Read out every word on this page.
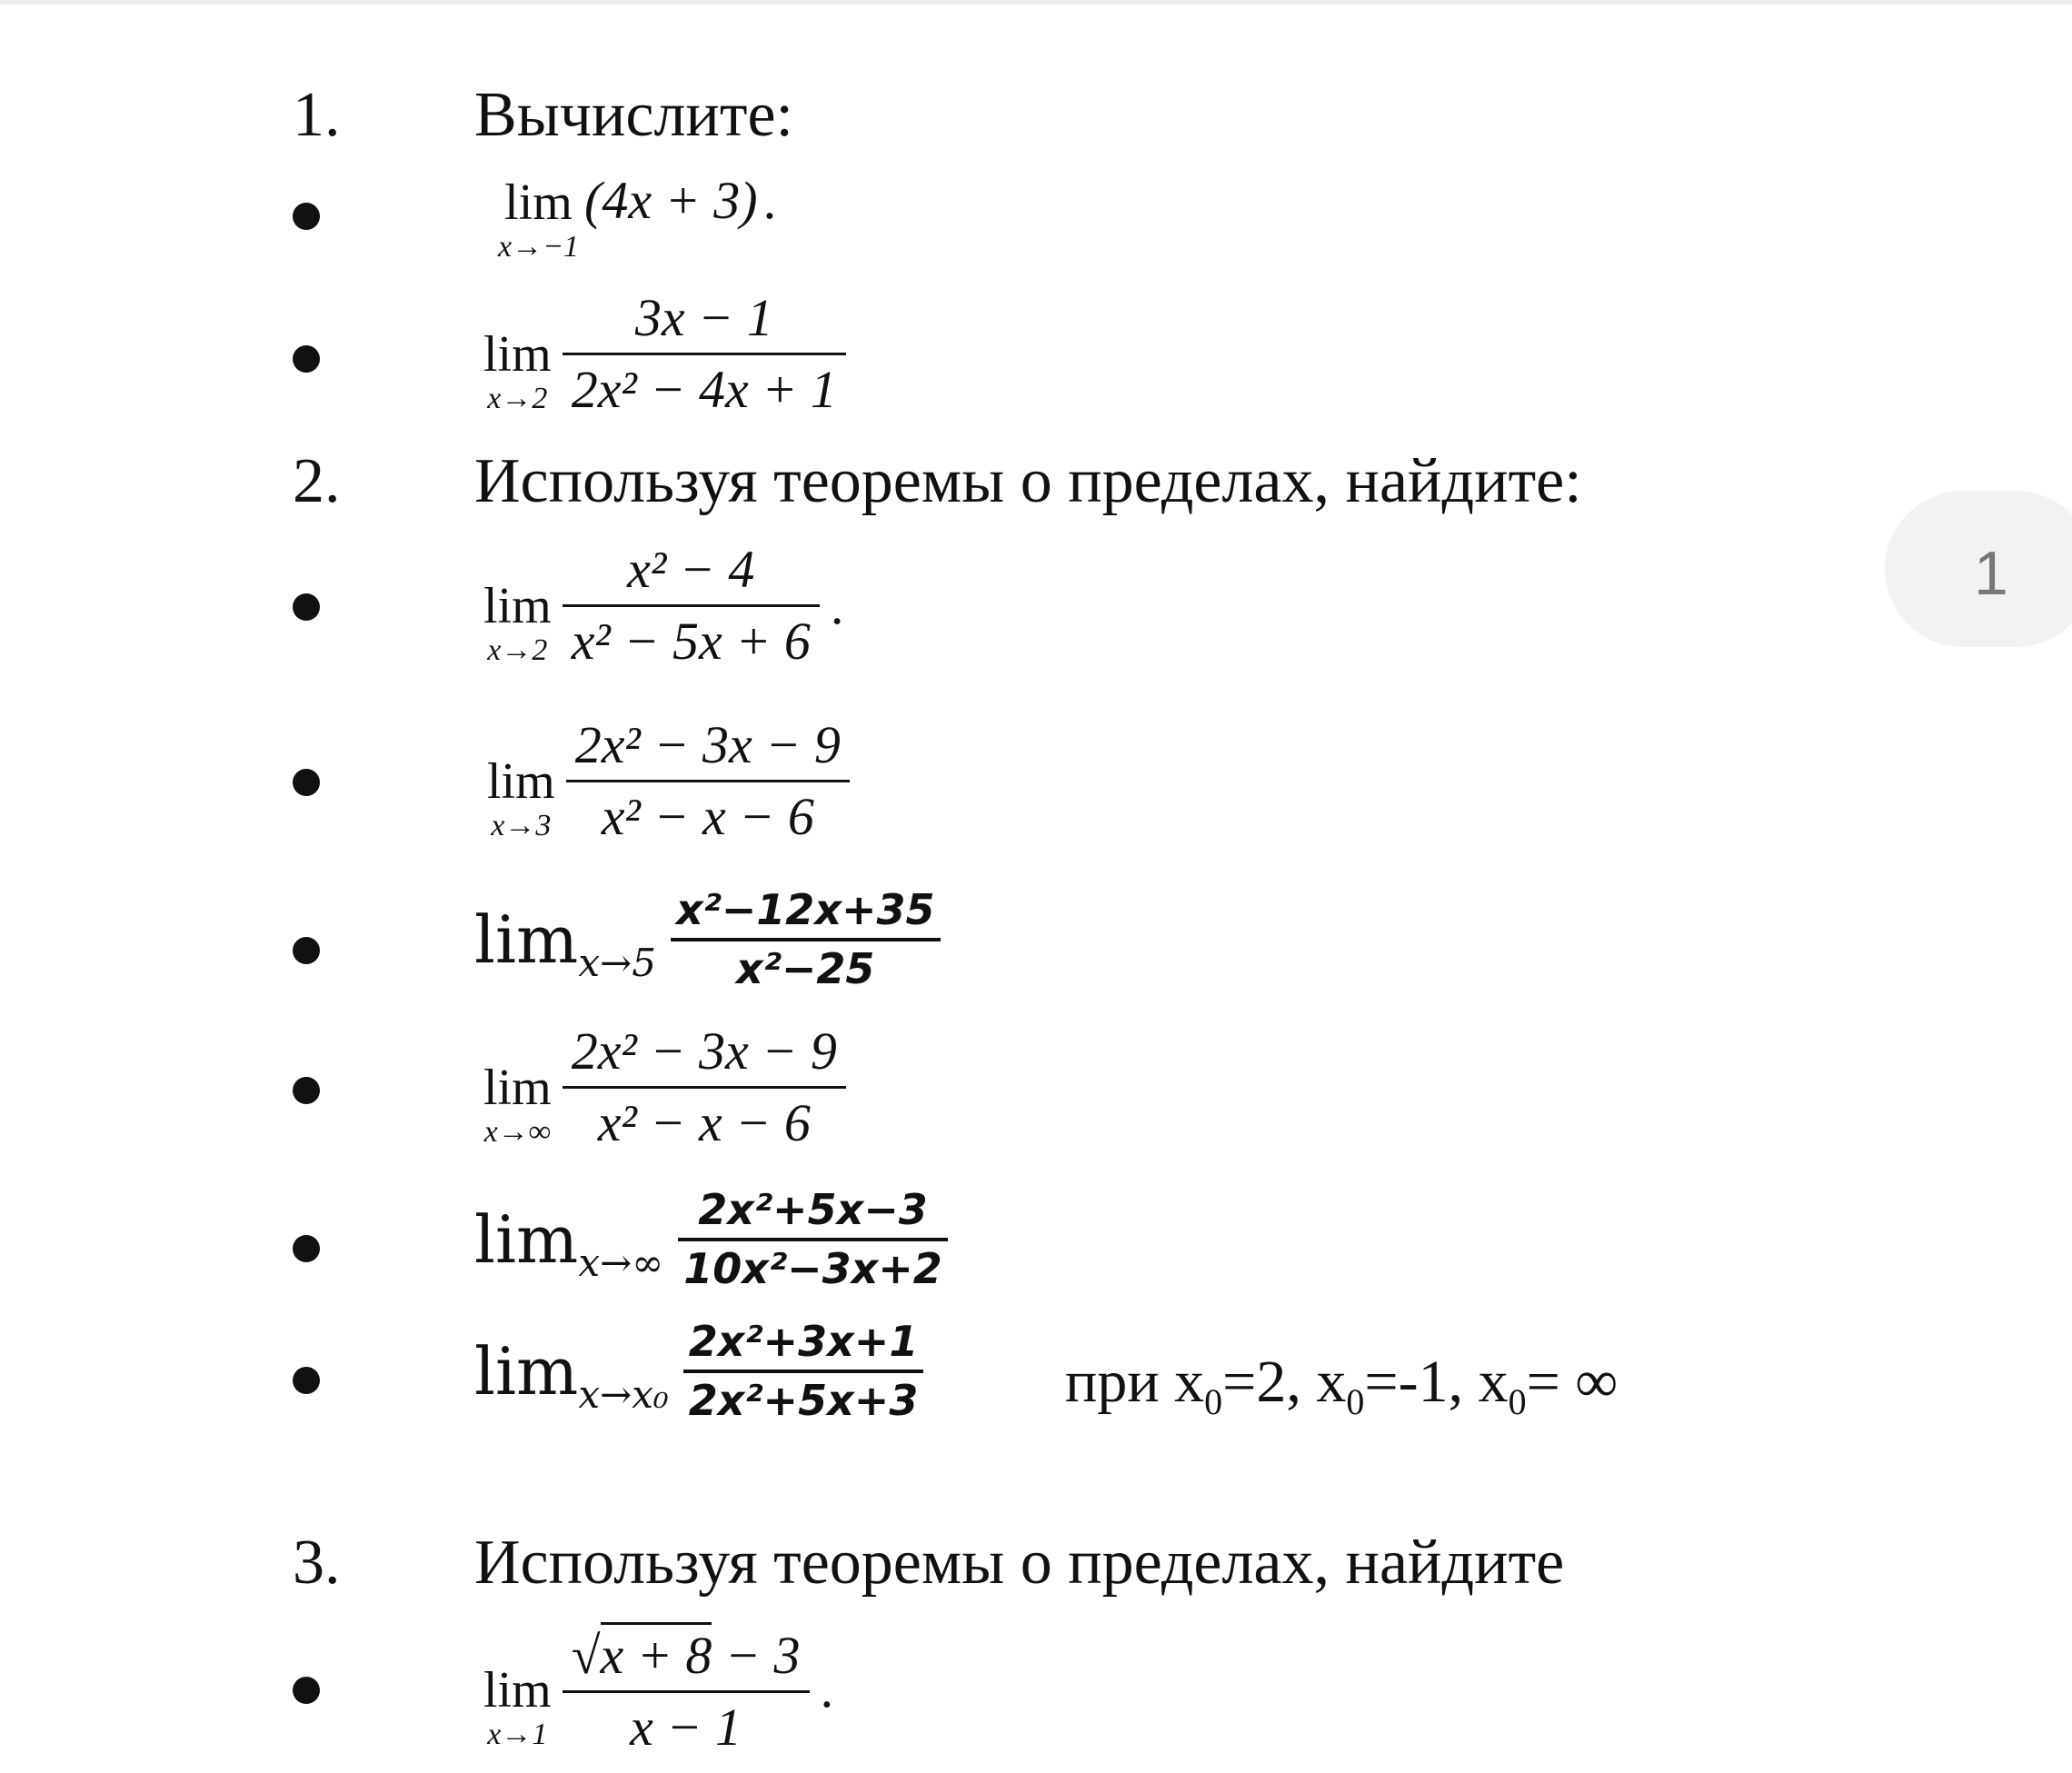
1. Вычислите:
lim
x→−1
(4x + 3) .
lim
$x\to 2 \frac{3x - 1}{\text{2x² − 4x + 1}}$
2. Используя теоремы о пределах, найдите:
lim
$x\to 2 \frac{\text{x² − 4}}{\text{x² − 5x + 6}}$ .
lim
$x\to 3 \frac{\text{2x² − 3x − 9}}{\text{x² − x − 6}}$
lim x→5
x²−12x+35
x²−25
lim
$x\to\infty \frac{\text{2x² − 3x − 9}}{\text{x² − x − 6}}$
lim x→∞
2x²+5x−3
10x²−3x+2
lim x→x₀
2x²+3x+1
2x²+5x+3 при $x_0=2$, $x_0=-1$, $x_0=$ ∞
3. Используя теоремы о пределах, найдите
lim
$x\to 1 \frac{√x + 8 - 3}{x - 1}$ .
1
